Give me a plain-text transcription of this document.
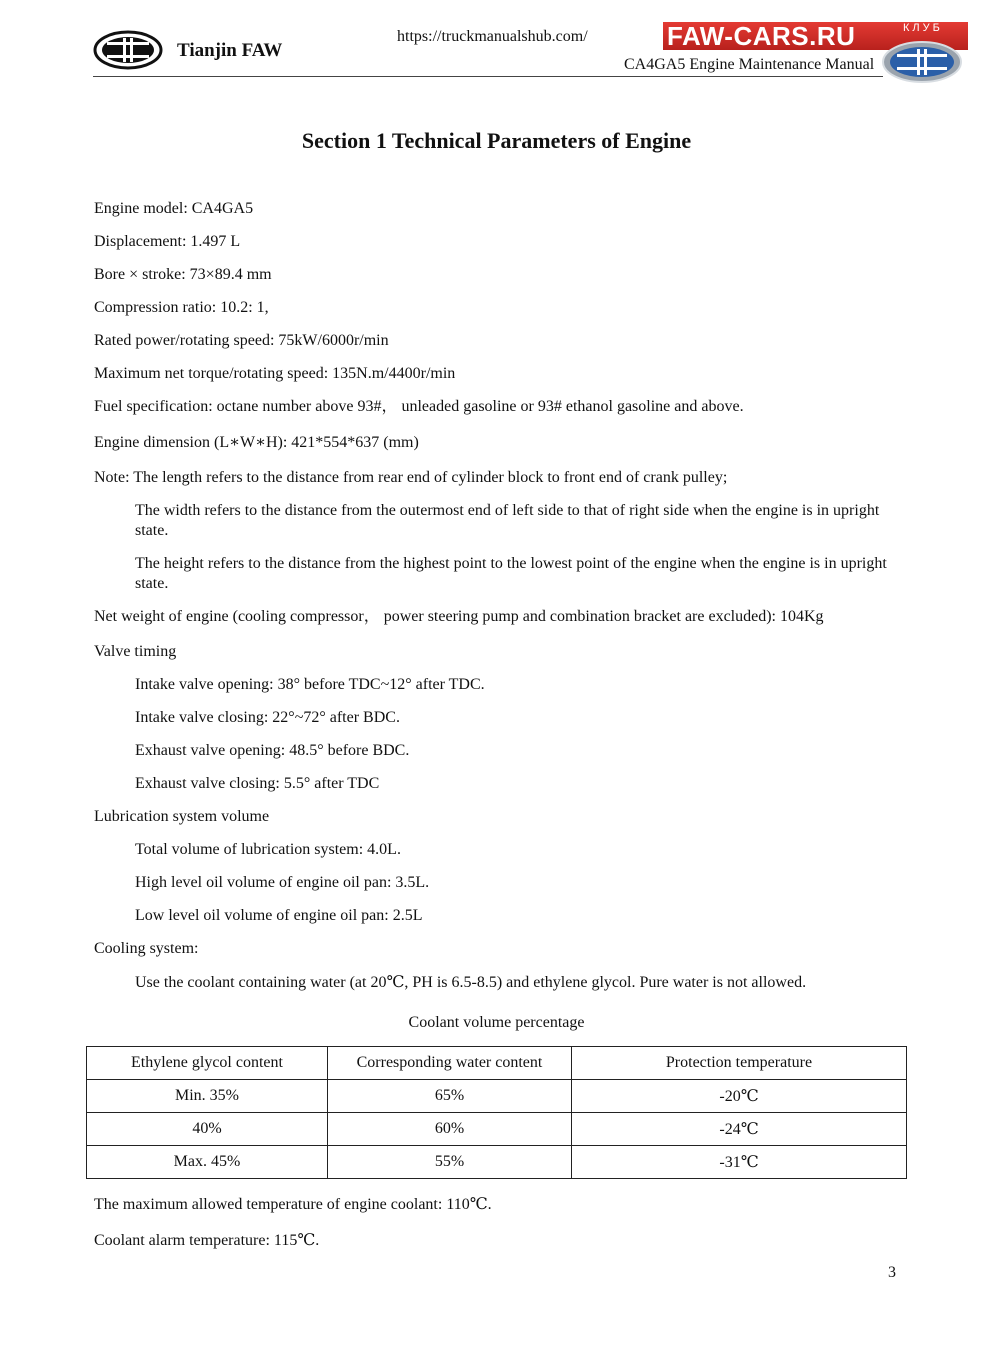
Tianjin FAW
https://truckmanualshub.com/
CA4GA5 Engine Maintenance Manual
FAW-CARS.RU	КЛУБ
Section 1 Technical Parameters of Engine

Engine model: CA4GA5

Displacement: 1.497 L

Bore × stroke: 73×89.4 mm

Compression ratio: 10.2: 1,

Rated power/rotating speed: 75kW/6000r/min

Maximum net torque/rotating speed: 135N.m/4400r/min

Fuel specification: octane number above 93#， unleaded gasoline or 93# ethanol gasoline and above.

Engine dimension (L∗W∗H): 421*554*637 (mm)

Note: The length refers to the distance from rear end of cylinder block to front end of crank pulley;

The width refers to the distance from the outermost end of left side to that of right side when the engine is in upright state.

The height refers to the distance from the highest point to the lowest point of the engine when the engine is in upright state.

Net weight of engine (cooling compressor， power steering pump and combination bracket are excluded): 104Kg

Valve timing

Intake valve opening: 38° before TDC~12° after TDC.

Intake valve closing: 22°~72° after BDC.

Exhaust valve opening: 48.5° before BDC.

Exhaust valve closing: 5.5° after TDC

Lubrication system volume

Total volume of lubrication system: 4.0L.

High level oil volume of engine oil pan: 3.5L.

Low level oil volume of engine oil pan: 2.5L

Cooling system:

Use the coolant containing water (at 20℃, PH is 6.5-8.5) and ethylene glycol. Pure water is not allowed.

Coolant volume percentage
Ethylene glycol content	Corresponding water content	Protection temperature
Min. 35%	65%	-20℃
40%	60%	-24℃
Max. 45%	55%	-31℃

The maximum allowed temperature of engine coolant: 110℃.

Coolant alarm temperature: 115℃.

3
